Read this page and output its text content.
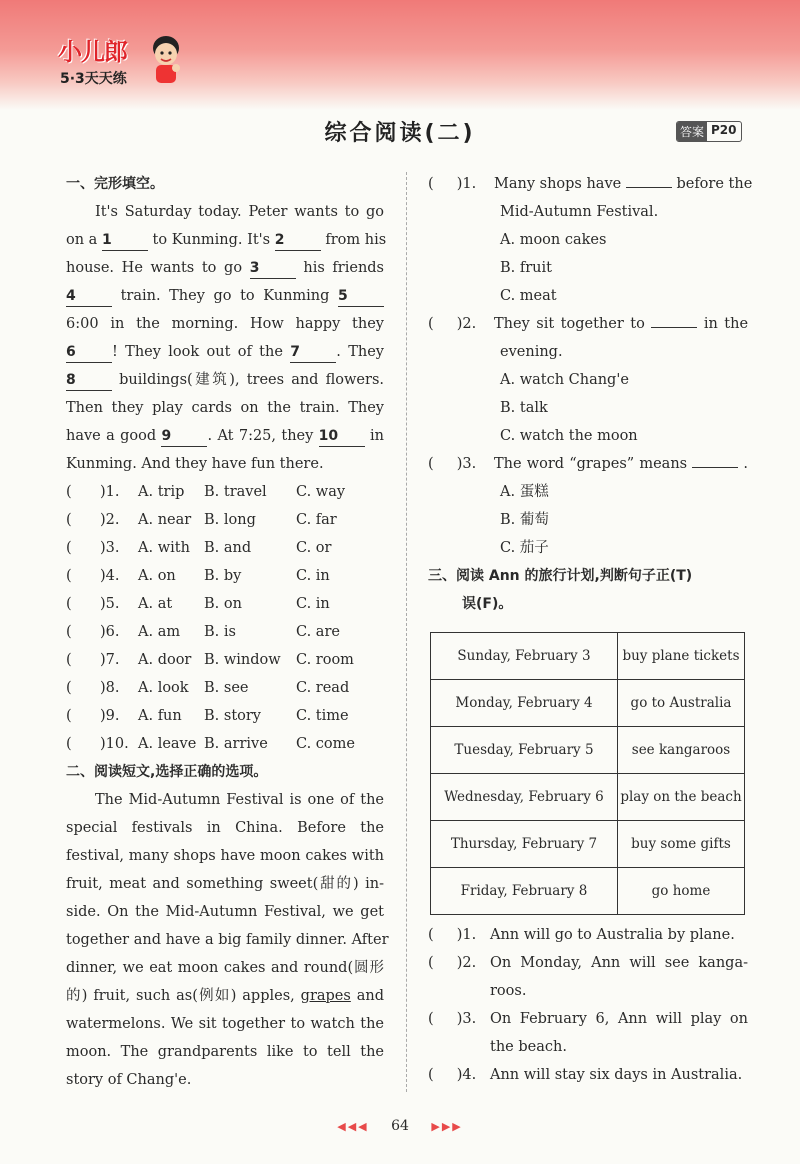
小儿郎
5·3天天练
综合阅读(二)	答案 P20
一、完形填空。
It's Saturday today. Peter wants to go
on a 1	to Kunming. It's 2	from his
house. He wants to go 3	his friends
4	train. They go to Kunming 5
6:00 in the morning. How happy they
6	! They look out of the 7	. They
8	buildings(建筑), trees and flowers.
Then they play cards on the train. They
have a good 9	. At 7:25, they 10 in
Kunming. And they have fun there.
(	)1.	A. trip	B. travel	C. way
(	)2.	A. near B. long	C. far
(	)3.	A. with B. and	C. or
(	)4.	A. on	B. by	C. in
(	)5.	A. at	B. on	C. in
(	)6.	A. am	B. is	C. are
(	)7.	A. door B. window	C. room
(	)8.	A. look	B. see	C. read
(	)9.	A. fun	B. story	C. time
(	)10. A. leave B. arrive	C. come
二、阅读短文,选择正确的选项。
The Mid-Autumn Festival is one of the
special festivals in China. Before the
festival, many shops have moon cakes with
fruit, meat and something sweet(甜的) in-
side. On the Mid-Autumn Festival, we get
together and have a big family dinner. After
dinner, we eat moon cakes and round(圆形
的) fruit, such as(例如) apples, grapes and
watermelons. We sit together to watch the
moon. The grandparents like to tell the
story of Chang'e.
( )1.	Many shops have	before the
Mid-Autumn Festival.
A. moon cakes
B. fruit
C. meat
( )2.	They sit together to	in the
evening.
A. watch Chang'e
B. talk
C. watch the moon
( )3.	The word “grapes” means	.
A. 蛋糕
B. 葡萄
C. 茄子
三、阅读 Ann 的旅行计划,判断句子正(T)
误(F)。
Sunday, February 3	buy plane tickets
Monday, February 4	go to Australia
Tuesday, February 5	see kangaroos
Wednesday, February 6	play on the beach
Thursday, February 7	buy some gifts
Friday, February 8	go home
( )1. Ann will go to Australia by plane.
( )2. On Monday, Ann will see kanga-
roos.
( )3. On February 6, Ann will play on
the beach.
( )4. Ann will stay six days in Australia.
◀◀◀ 64 ▶▶▶
